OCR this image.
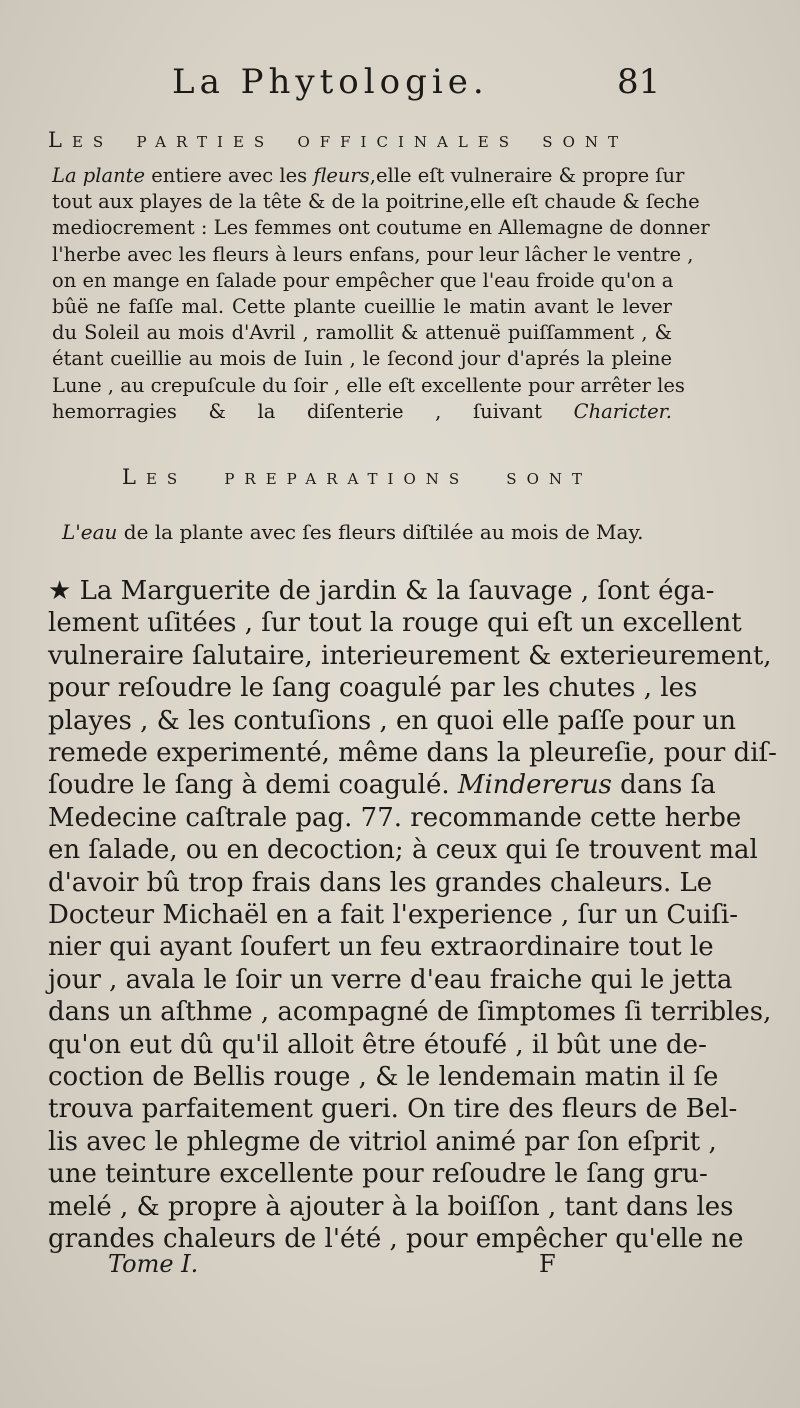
La Phytologie.	81
Les parties officinales sont
La plante entiere avec les fleurs,elle eſt vulneraire & propre ſur
tout aux playes de la tête & de la poitrine,elle eſt chaude & ſeche
mediocrement : Les femmes ont coutume en Allemagne de donner
l'herbe avec les fleurs à leurs enfans, pour leur lâcher le ventre ,
on en mange en ſalade pour empêcher que l'eau froide qu'on a
bûë ne faſſe mal. Cette plante cueillie le matin avant le lever
du Soleil au mois d'Avril , ramollit & attenuë puiſſamment , &
étant cueillie au mois de Iuin , le ſecond jour d'aprés la pleine
Lune , au crepuſcule du ſoir , elle eſt excellente pour arrêter les
hemorragies & la diſenterie , ſuivant Charicter.
Les preparations sont
L'eau de la plante avec ſes fleurs diſtilée au mois de May.
★ La Marguerite de jardin & la ſauvage , ſont éga-
lement uſitées , ſur tout la rouge qui eſt un excellent
vulneraire ſalutaire, interieurement & exterieurement,
pour reſoudre le ſang coagulé par les chutes , les
playes , & les contuſions , en quoi elle paſſe pour un
remede experimenté, même dans la pleureſie, pour diſ-
ſoudre le ſang à demi coagulé. Mindererus dans ſa
Medecine caſtrale pag. 77. recommande cette herbe
en ſalade, ou en decoction; à ceux qui ſe trouvent mal
d'avoir bû trop frais dans les grandes chaleurs. Le
Docteur Michaël en a fait l'experience , ſur un Cuiſi-
nier qui ayant ſoufert un feu extraordinaire tout le
jour , avala le ſoir un verre d'eau fraiche qui le jetta
dans un aſthme , acompagné de ſimptomes ſi terribles,
qu'on eut dû qu'il alloit être étoufé , il bût une de-
coction de Bellis rouge , & le lendemain matin il ſe
trouva parfaitement gueri. On tire des fleurs de Bel-
lis avec le phlegme de vitriol animé par ſon eſprit ,
une teinture excellente pour reſoudre le ſang gru-
melé , & propre à ajouter à la boiſſon , tant dans les
grandes chaleurs de l'été , pour empêcher qu'elle ne
Tome I.	F
